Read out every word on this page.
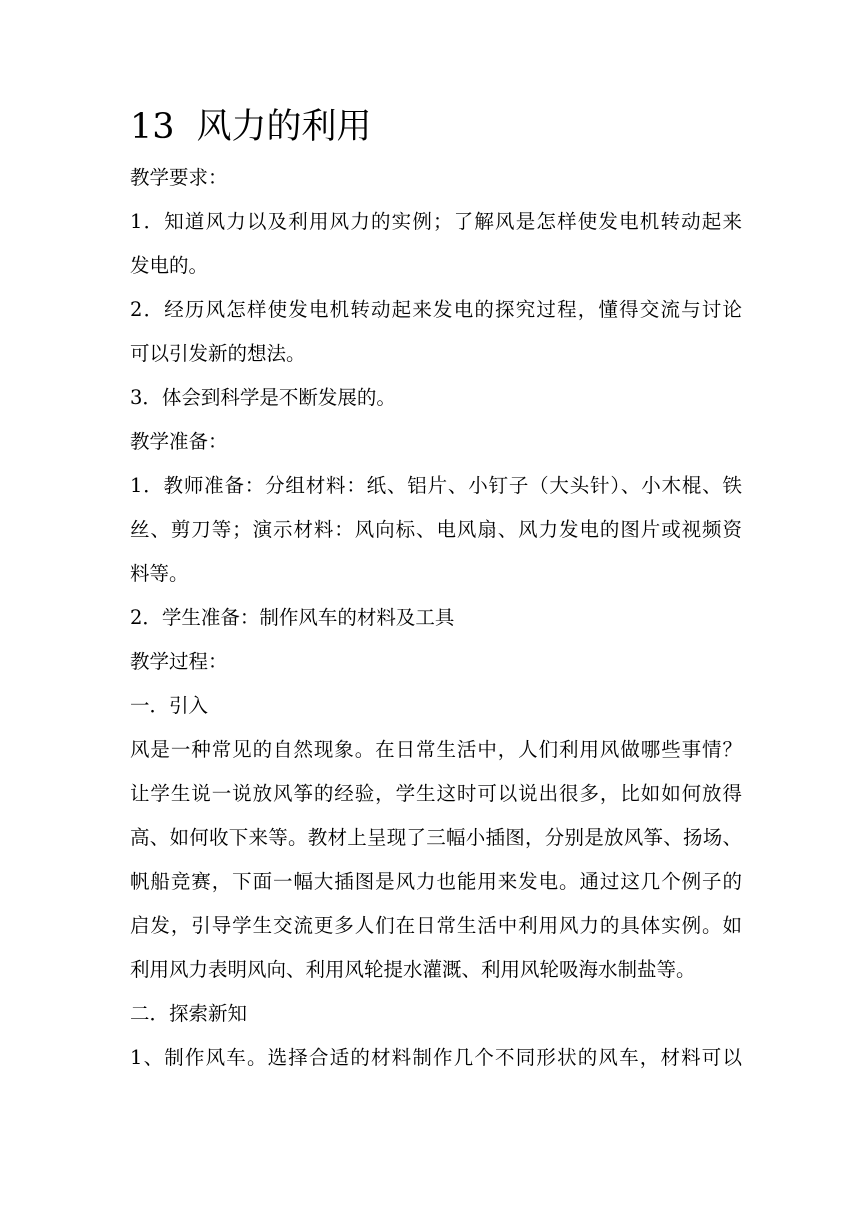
13 风力的利用
教学要求：
1．知道风力以及利用风力的实例；了解风是怎样使发电机转动起来
发电的。
2．经历风怎样使发电机转动起来发电的探究过程，懂得交流与讨论
可以引发新的想法。
3．体会到科学是不断发展的。
教学准备：
1．教师准备：分组材料：纸、铝片、小钉子（大头针）、小木棍、铁
丝、剪刀等；演示材料：风向标、电风扇、风力发电的图片或视频资
料等。
2．学生准备：制作风车的材料及工具
教学过程：
一．引入
风是一种常见的自然现象。在日常生活中，人们利用风做哪些事情？
让学生说一说放风筝的经验，学生这时可以说出很多，比如如何放得
高、如何收下来等。教材上呈现了三幅小插图，分别是放风筝、扬场、
帆船竞赛，下面一幅大插图是风力也能用来发电。通过这几个例子的
启发，引导学生交流更多人们在日常生活中利用风力的具体实例。如
利用风力表明风向、利用风轮提水灌溉、利用风轮吸海水制盐等。
二．探索新知
1、制作风车。选择合适的材料制作几个不同形状的风车，材料可以
